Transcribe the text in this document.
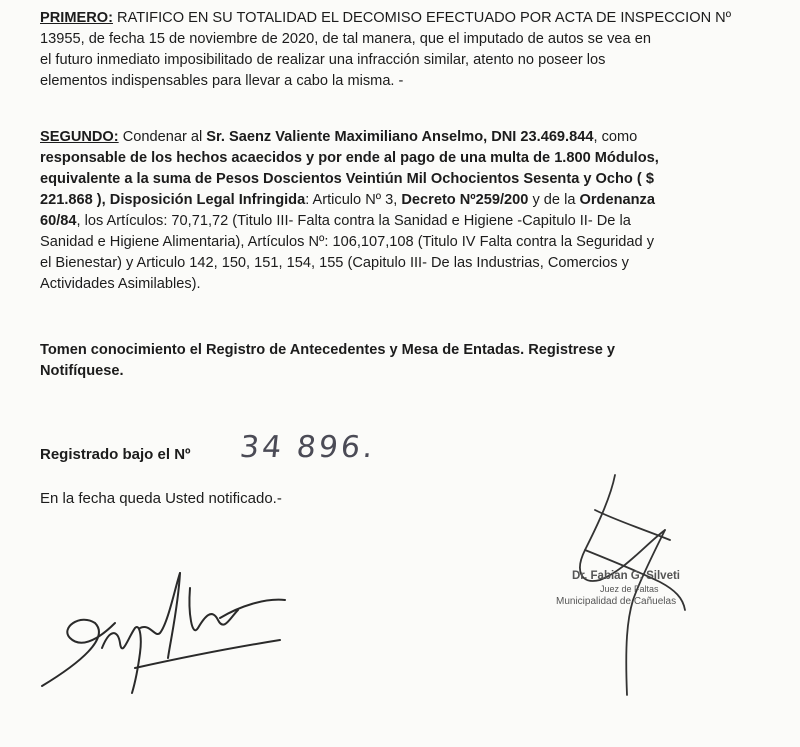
PRIMERO: RATIFICO EN SU TOTALIDAD EL DECOMISO EFECTUADO POR ACTA DE INSPECCION Nº
13955, de fecha 15 de noviembre de 2020, de tal manera, que el imputado de autos se vea en
el futuro inmediato imposibilitado de realizar una infracción similar, atento no poseer los
elementos indispensables para llevar a cabo la misma. -
SEGUNDO: Condenar al Sr. Saenz Valiente Maximiliano Anselmo, DNI 23.469.844, como
responsable de los hechos acaecidos y por ende al pago de una multa de 1.800 Módulos,
equivalente a la suma de Pesos Doscientos Veintiún Mil Ochocientos Sesenta y Ocho ( $
221.868 ), Disposición Legal Infringida: Articulo Nº 3, Decreto Nº259/200 y de la Ordenanza
60/84, los Artículos: 70,71,72 (Titulo III- Falta contra la Sanidad e Higiene -Capitulo II- De la
Sanidad e Higiene Alimentaria), Artículos Nº: 106,107,108 (Titulo IV Falta contra la Seguridad y
el Bienestar) y Articulo 142, 150, 151, 154, 155 (Capitulo III- De las Industrias, Comercios y
Actividades Asimilables).
Tomen conocimiento el Registro de Antecedentes y Mesa de Entadas. Registrese y
Notifíquese.
Registrado bajo el Nº 34 896.
En la fecha queda Usted notificado.-
Dr. Fabian G. Silveti
Juez de Faltas
Municipalidad de Cañuelas
